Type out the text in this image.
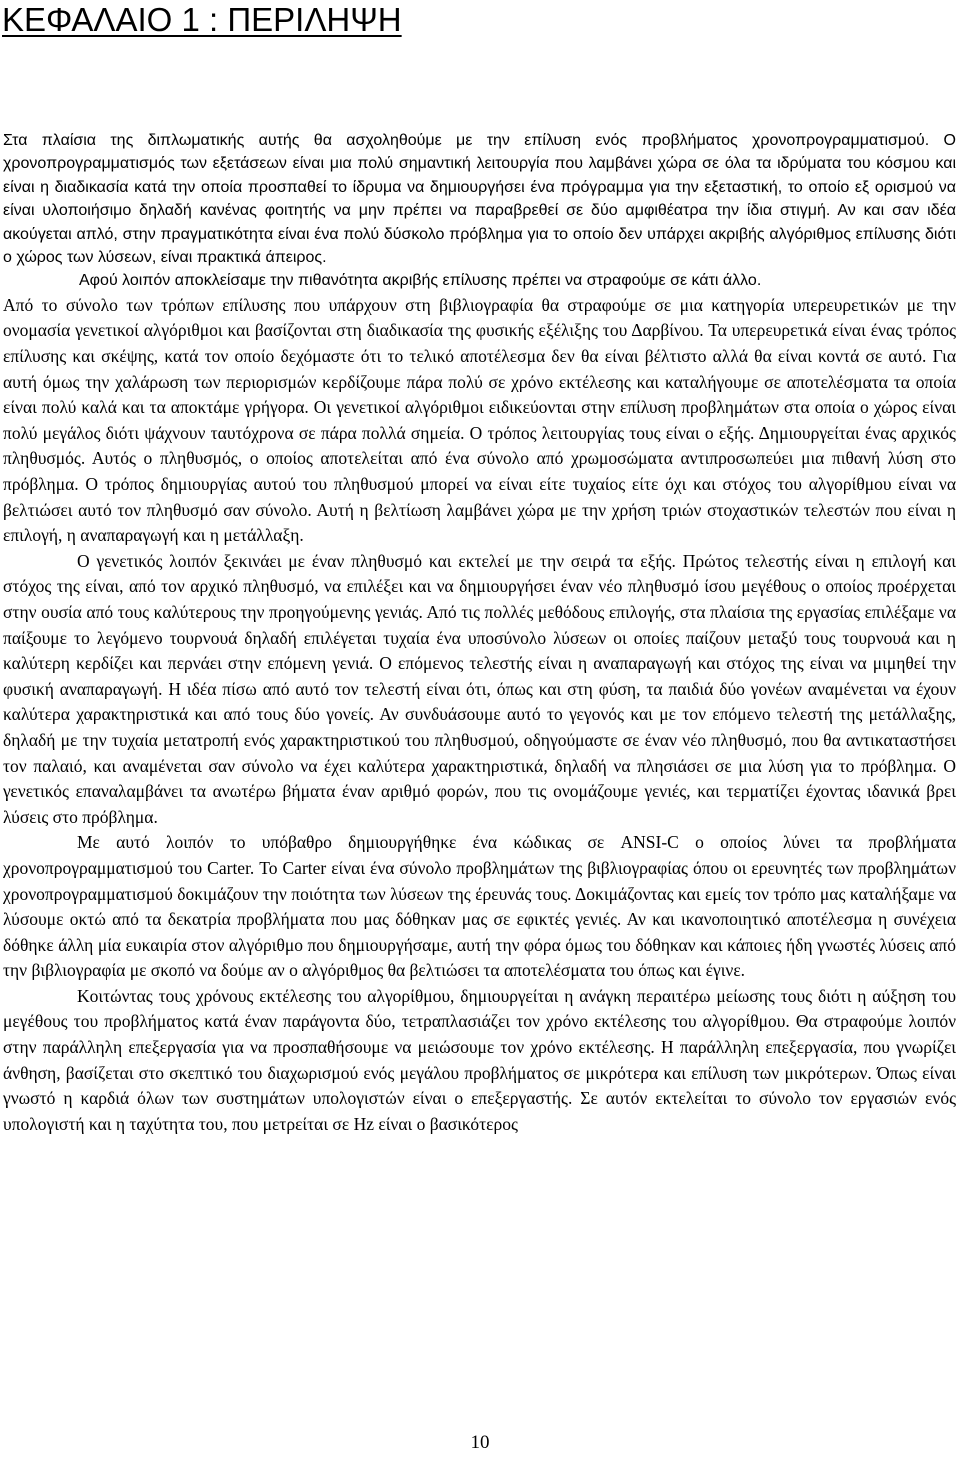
ΚΕΦΑΛΑΙΟ 1 : ΠΕΡΙΛΗΨΗ

Στα πλαίσια της διπλωματικής αυτής θα ασχοληθούμε με την επίλυση ενός προβλήματος χρονοπρογραμματισμού. Ο χρονοπρογραμματισμός των εξετάσεων είναι μια πολύ σημαντική λειτουργία που λαμβάνει χώρα σε όλα τα ιδρύματα του κόσμου και είναι η διαδικασία κατά την οποία προσπαθεί το ίδρυμα να δημιουργήσει ένα πρόγραμμα για την εξεταστική, το οποίο εξ ορισμού να είναι υλοποιήσιμο δηλαδή κανένας φοιτητής να μην πρέπει να παραβρεθεί σε δύο αμφιθέατρα την ίδια στιγμή. Αν και σαν ιδέα ακούγεται απλό, στην πραγματικότητα είναι ένα πολύ δύσκολο πρόβλημα για το οποίο δεν υπάρχει ακριβής αλγόριθμος επίλυσης διότι ο χώρος των λύσεων, είναι πρακτικά άπειρος.

Αφού λοιπόν αποκλείσαμε την πιθανότητα ακριβής επίλυσης πρέπει να στραφούμε σε κάτι άλλο.

Από το σύνολο των τρόπων επίλυσης που υπάρχουν στη βιβλιογραφία θα στραφούμε σε μια κατηγορία υπερευρετικών με την ονομασία γενετικοί αλγόριθμοι και βασίζονται στη διαδικασία της φυσικής εξέλιξης του Δαρβίνου. Τα υπερευρετικά είναι ένας τρόπος επίλυσης και σκέψης, κατά τον οποίο δεχόμαστε ότι το τελικό αποτέλεσμα δεν θα είναι βέλτιστο αλλά θα είναι κοντά σε αυτό. Για αυτή όμως την χαλάρωση των περιορισμών κερδίζουμε πάρα πολύ σε χρόνο εκτέλεσης και καταλήγουμε σε αποτελέσματα τα οποία είναι πολύ καλά και τα αποκτάμε γρήγορα. Οι γενετικοί αλγόριθμοι ειδικεύονται στην επίλυση προβλημάτων στα οποία ο χώρος είναι πολύ μεγάλος διότι ψάχνουν ταυτόχρονα σε πάρα πολλά σημεία. Ο τρόπος λειτουργίας τους είναι ο εξής. Δημιουργείται ένας αρχικός πληθυσμός. Αυτός ο πληθυσμός, ο οποίος αποτελείται από ένα σύνολο από χρωμοσώματα αντιπροσωπεύει μια πιθανή λύση στο πρόβλημα. Ο τρόπος δημιουργίας αυτού του πληθυσμού μπορεί να είναι είτε τυχαίος είτε όχι και στόχος του αλγορίθμου είναι να βελτιώσει αυτό τον πληθυσμό σαν σύνολο. Αυτή η βελτίωση λαμβάνει χώρα με την χρήση τριών στοχαστικών τελεστών που είναι η επιλογή, η αναπαραγωγή και η μετάλλαξη.

Ο γενετικός λοιπόν ξεκινάει με έναν πληθυσμό και εκτελεί με την σειρά τα εξής. Πρώτος τελεστής είναι η επιλογή και στόχος της είναι, από τον αρχικό πληθυσμό, να επιλέξει και να δημιουργήσει έναν νέο πληθυσμό ίσου μεγέθους ο οποίος προέρχεται στην ουσία από τους καλύτερους την προηγούμενης γενιάς. Από τις πολλές μεθόδους επιλογής, στα πλαίσια της εργασίας επιλέξαμε να παίξουμε το λεγόμενο τουρνουά δηλαδή επιλέγεται τυχαία ένα υποσύνολο λύσεων οι οποίες παίζουν μεταξύ τους τουρνουά και η καλύτερη κερδίζει και περνάει στην επόμενη γενιά. Ο επόμενος τελεστής είναι η αναπαραγωγή και στόχος της είναι να μιμηθεί την φυσική αναπαραγωγή. Η ιδέα πίσω από αυτό τον τελεστή είναι ότι, όπως και στη φύση, τα παιδιά δύο γονέων αναμένεται να έχουν καλύτερα χαρακτηριστικά και από τους δύο γονείς. Αν συνδυάσουμε αυτό το γεγονός και με τον επόμενο τελεστή της μετάλλαξης, δηλαδή με την τυχαία μετατροπή ενός χαρακτηριστικού του πληθυσμού, οδηγούμαστε σε έναν νέο πληθυσμό, που θα αντικαταστήσει τον παλαιό, και αναμένεται σαν σύνολο να έχει καλύτερα χαρακτηριστικά, δηλαδή να πλησιάσει σε μια λύση για το πρόβλημα. Ο γενετικός επαναλαμβάνει τα ανωτέρω βήματα έναν αριθμό φορών, που τις ονομάζουμε γενιές, και τερματίζει έχοντας ιδανικά βρει λύσεις στο πρόβλημα.

Με αυτό λοιπόν το υπόβαθρο δημιουργήθηκε ένα κώδικας σε ANSI-C ο οποίος λύνει τα προβλήματα χρονοπρογραμματισμού του Carter. Το Carter είναι ένα σύνολο προβλημάτων της βιβλιογραφίας όπου οι ερευνητές των προβλημάτων χρονοπρογραμματισμού δοκιμάζουν την ποιότητα των λύσεων της έρευνάς τους. Δοκιμάζοντας και εμείς τον τρόπο μας καταλήξαμε να λύσουμε οκτώ από τα δεκατρία προβλήματα που μας δόθηκαν μας σε εφικτές γενιές. Αν και ικανοποιητικό αποτέλεσμα η συνέχεια δόθηκε άλλη μία ευκαιρία στον αλγόριθμο που δημιουργήσαμε, αυτή την φόρα όμως του δόθηκαν και κάποιες ήδη γνωστές λύσεις από την βιβλιογραφία με σκοπό να δούμε αν ο αλγόριθμος θα βελτιώσει τα αποτελέσματα του όπως και έγινε.

Κοιτώντας τους χρόνους εκτέλεσης του αλγορίθμου, δημιουργείται η ανάγκη περαιτέρω μείωσης τους διότι η αύξηση του μεγέθους του προβλήματος κατά έναν παράγοντα δύο, τετραπλασιάζει τον χρόνο εκτέλεσης του αλγορίθμου. Θα στραφούμε λοιπόν στην παράλληλη επεξεργασία για να προσπαθήσουμε να μειώσουμε τον χρόνο εκτέλεσης. Η παράλληλη επεξεργασία, που γνωρίζει άνθηση, βασίζεται στο σκεπτικό του διαχωρισμού ενός μεγάλου προβλήματος σε μικρότερα και επίλυση των μικρότερων. Όπως είναι γνωστό η καρδιά όλων των συστημάτων υπολογιστών είναι ο επεξεργαστής. Σε αυτόν εκτελείται το σύνολο τον εργασιών ενός υπολογιστή και η ταχύτητα του, που μετρείται σε Hz είναι ο βασικότερος

10
